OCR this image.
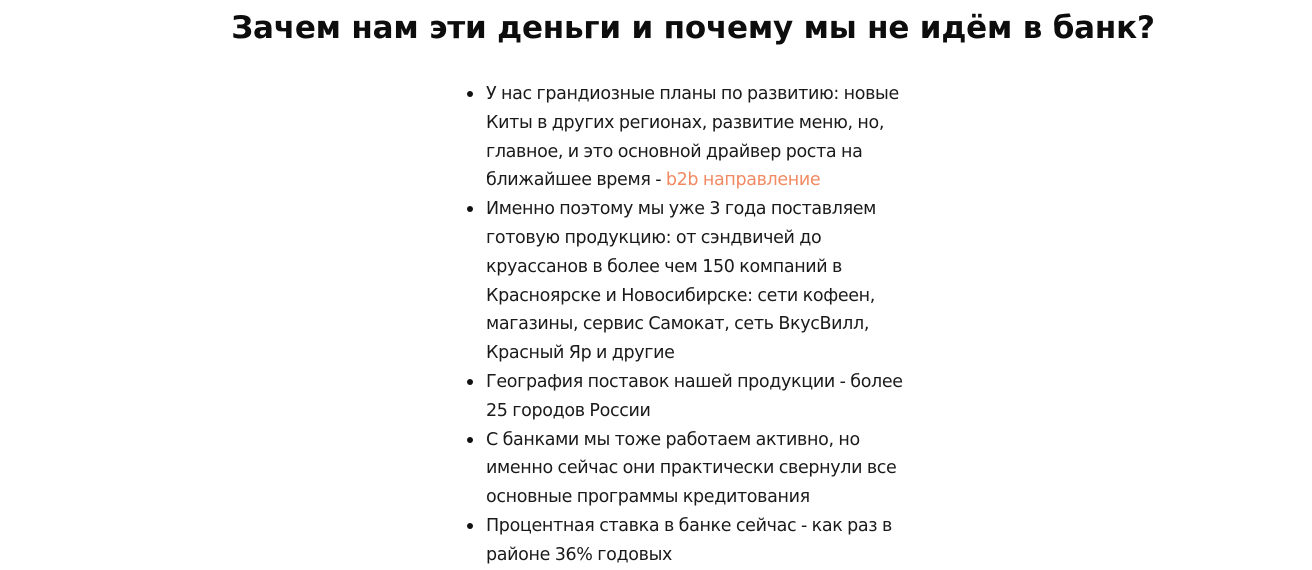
Зачем нам эти деньги и почему мы не идём в банк?
У нас грандиозные планы по развитию: новые Киты в других регионах, развитие меню, но, главное, и это основной драйвер роста на ближайшее время - b2b направление
Именно поэтому мы уже 3 года поставляем готовую продукцию: от сэндвичей до круассанов в более чем 150 компаний в Красноярске и Новосибирске: сети кофеен, магазины, сервис Самокат, сеть ВкусВилл, Красный Яр и другие
География поставок нашей продукции - более 25 городов России
С банками мы тоже работаем активно, но именно сейчас они практически свернули все основные программы кредитования
Процентная ставка в банке сейчас - как раз в районе 36% годовых
